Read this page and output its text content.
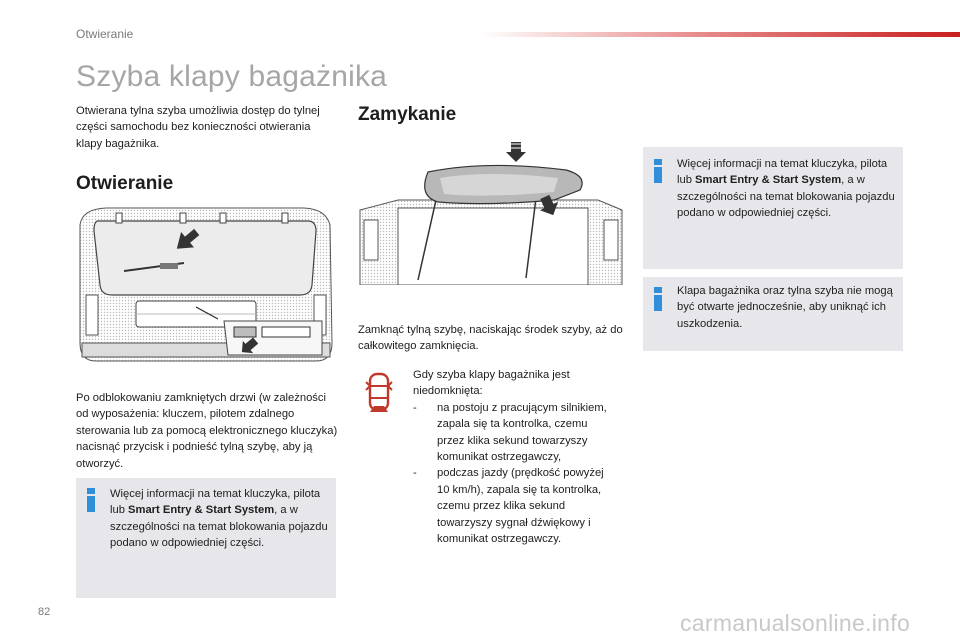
Otwieranie
Szyba klapy bagażnika
Otwierana tylna szyba umożliwia dostęp do tylnej części samochodu bez konieczności otwierania klapy bagażnika.
Otwieranie
Po odblokowaniu zamkniętych drzwi (w zależności od wyposażenia: kluczem, pilotem zdalnego sterowania lub za pomocą elektronicznego kluczyka) nacisnąć przycisk i podnieść tylną szybę, aby ją otworzyć.
Więcej informacji na temat kluczyka, pilota lub Smart Entry & Start System, a w szczególności na temat blokowania pojazdu podano w odpowiedniej części.
Zamykanie
Zamknąć tylną szybę, naciskając środek szyby, aż do całkowitego zamknięcia.
Gdy szyba klapy bagażnika jest niedomknięta:
- na postoju z pracującym silnikiem, zapala się ta kontrolka, czemu przez klika sekund towarzyszy komunikat ostrzegawczy,
- podczas jazdy (prędkość powyżej 10 km/h), zapala się ta kontrolka, czemu przez klika sekund towarzyszy sygnał dźwiękowy i komunikat ostrzegawczy.
Więcej informacji na temat kluczyka, pilota lub Smart Entry & Start System, a w szczególności na temat blokowania pojazdu podano w odpowiedniej części.
Klapa bagażnika oraz tylna szyba nie mogą być otwarte jednocześnie, aby uniknąć ich uszkodzenia.
82	carmanualsonline.info
